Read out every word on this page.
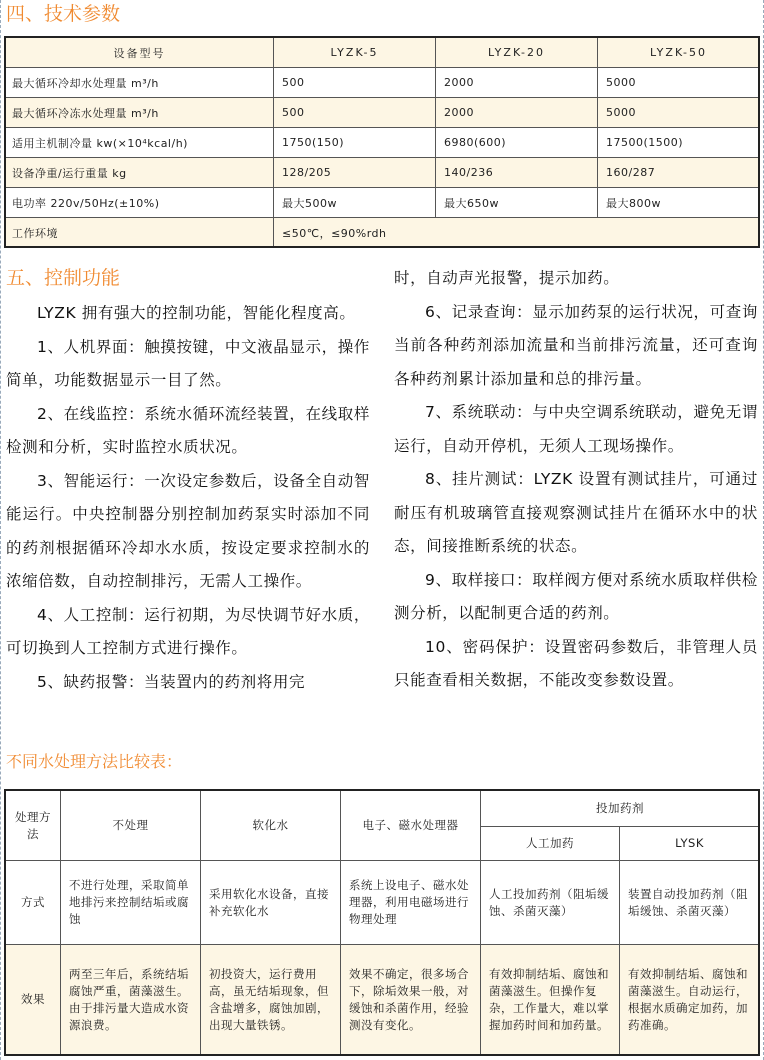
四、技术参数
设备型号	LYZK-5	LYZK-20	LYZK-50
最大循环冷却水处理量 m³/h	500	2000	5000
最大循环冷冻水处理量 m³/h	500	2000	5000
适用主机制冷量 kw(×10⁴kcal/h)	1750(150)	6980(600)	17500(1500)
设备净重/运行重量 kg	128/205	140/236	160/287
电功率 220v/50Hz(±10%)	最大500w	最大650w	最大800w
工作环境	≤50℃，≤90%rdh		
五、控制功能

LYZK 拥有强大的控制功能，智能化程度高。

1、人机界面：触摸按键，中文液晶显示，操作简单，功能数据显示一目了然。

2、在线监控：系统水循环流经装置，在线取样检测和分析，实时监控水质状况。

3、智能运行：一次设定参数后，设备全自动智能运行。中央控制器分别控制加药泵实时添加不同的药剂根据循环冷却水水质，按设定要求控制水的浓缩倍数，自动控制排污，无需人工操作。

4、人工控制：运行初期，为尽快调节好水质，可切换到人工控制方式进行操作。

5、缺药报警：当装置内的药剂将用完

时，自动声光报警，提示加药。

6、记录查询：显示加药泵的运行状况，可查询当前各种药剂添加流量和当前排污流量，还可查询各种药剂累计添加量和总的排污量。

7、系统联动：与中央空调系统联动，避免无谓运行，自动开停机，无须人工现场操作。

8、挂片测试：LYZK 设置有测试挂片，可通过耐压有机玻璃管直接观察测试挂片在循环水中的状态，间接推断系统的状态。

9、取样接口：取样阀方便对系统水质取样供检测分析，以配制更合适的药剂。

10、密码保护：设置密码参数后，非管理人员只能查看相关数据，不能改变参数设置。

不同水处理方法比较表：
处理方法	不处理	软化水	电子、磁水处理器	投加药剂	
				人工加药	LYSK
方式	不进行处理，采取简单地排污来控制结垢或腐蚀	采用软化水设备，直接补充软化水	系统上设电子、磁水处理器，利用电磁场进行物理处理	人工投加药剂（阻垢缓蚀、杀菌灭藻）	装置自动投加药剂（阻垢缓蚀、杀菌灭藻）
效果	两至三年后，系统结垢腐蚀严重，菌藻滋生。由于排污量大造成水资源浪费。	初投资大，运行费用高，虽无结垢现象，但含盐增多，腐蚀加剧，出现大量铁锈。	效果不确定，很多场合下，除垢效果一般，对缓蚀和杀菌作用，经验测没有变化。	有效抑制结垢、腐蚀和菌藻滋生。但操作复杂，工作量大，难以掌握加药时间和加药量。	有效抑制结垢、腐蚀和菌藻滋生。自动运行，根据水质确定加药，加药准确。
